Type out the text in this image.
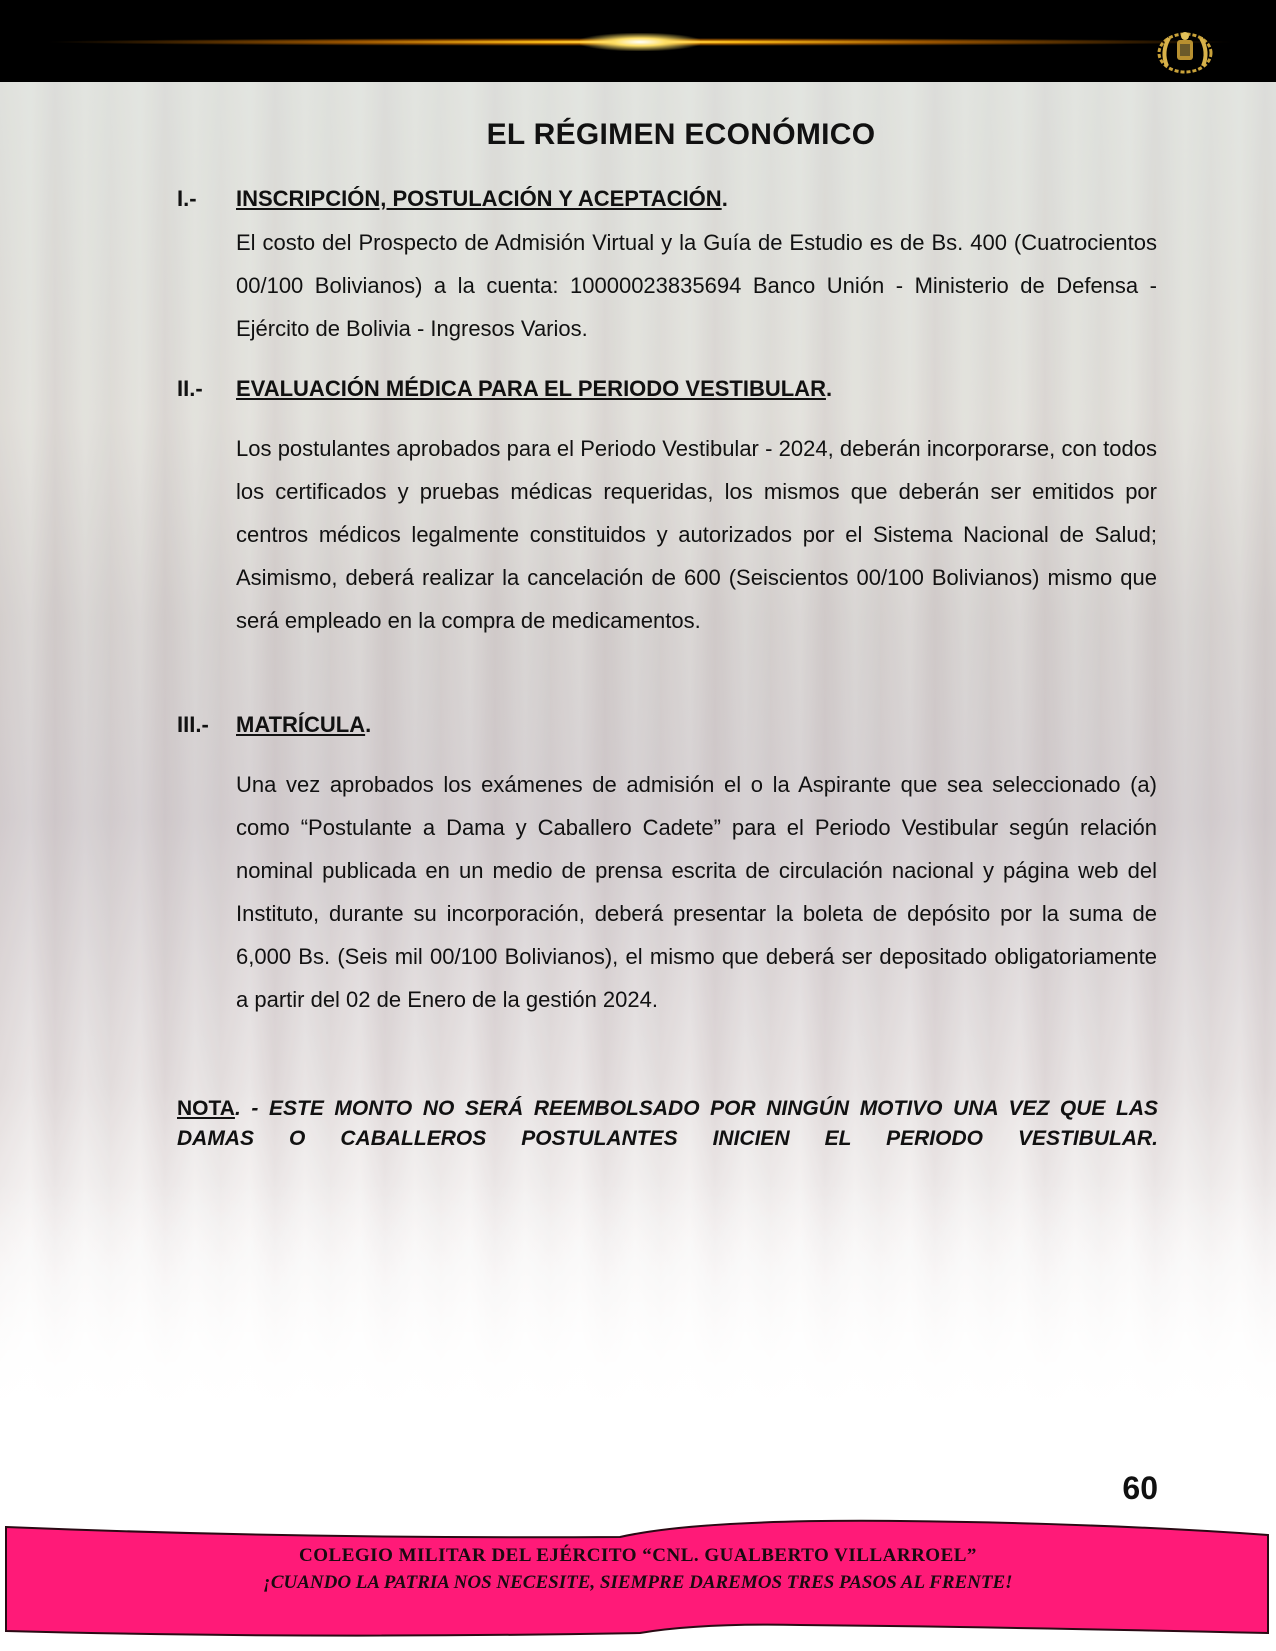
EL RÉGIMEN ECONÓMICO
I.- INSCRIPCIÓN, POSTULACIÓN Y ACEPTACIÓN.
El costo del Prospecto de Admisión Virtual y la Guía de Estudio es de Bs. 400 (Cuatrocientos 00/100 Bolivianos) a la cuenta: 10000023835694 Banco Unión - Ministerio de Defensa - Ejército de Bolivia - Ingresos Varios.
II.- EVALUACIÓN MÉDICA PARA EL PERIODO VESTIBULAR.
Los postulantes aprobados para el Periodo Vestibular - 2024, deberán incorporarse, con todos los certificados y pruebas médicas requeridas, los mismos que deberán ser emitidos por centros médicos legalmente constituidos y autorizados por el Sistema Nacional de Salud; Asimismo, deberá realizar la cancelación de 600 (Seiscientos 00/100 Bolivianos) mismo que será empleado en la compra de medicamentos.
III.- MATRÍCULA.
Una vez aprobados los exámenes de admisión el o la Aspirante que sea seleccionado (a) como “Postulante a Dama y Caballero Cadete” para el Periodo Vestibular según relación nominal publicada en un medio de prensa escrita de circulación nacional y página web del Instituto, durante su incorporación, deberá presentar la boleta de depósito por la suma de 6,000 Bs. (Seis mil 00/100 Bolivianos), el mismo que deberá ser depositado obligatoriamente a partir del 02 de Enero de la gestión 2024.
NOTA. - ESTE MONTO NO SERÁ REEMBOLSADO POR NINGÚN MOTIVO UNA VEZ QUE LAS DAMAS O CABALLEROS POSTULANTES INICIEN EL PERIODO VESTIBULAR.
60
COLEGIO MILITAR DEL EJÉRCITO “CNL. GUALBERTO VILLARROEL”
¡CUANDO LA PATRIA NOS NECESITE, SIEMPRE DAREMOS TRES PASOS AL FRENTE!
